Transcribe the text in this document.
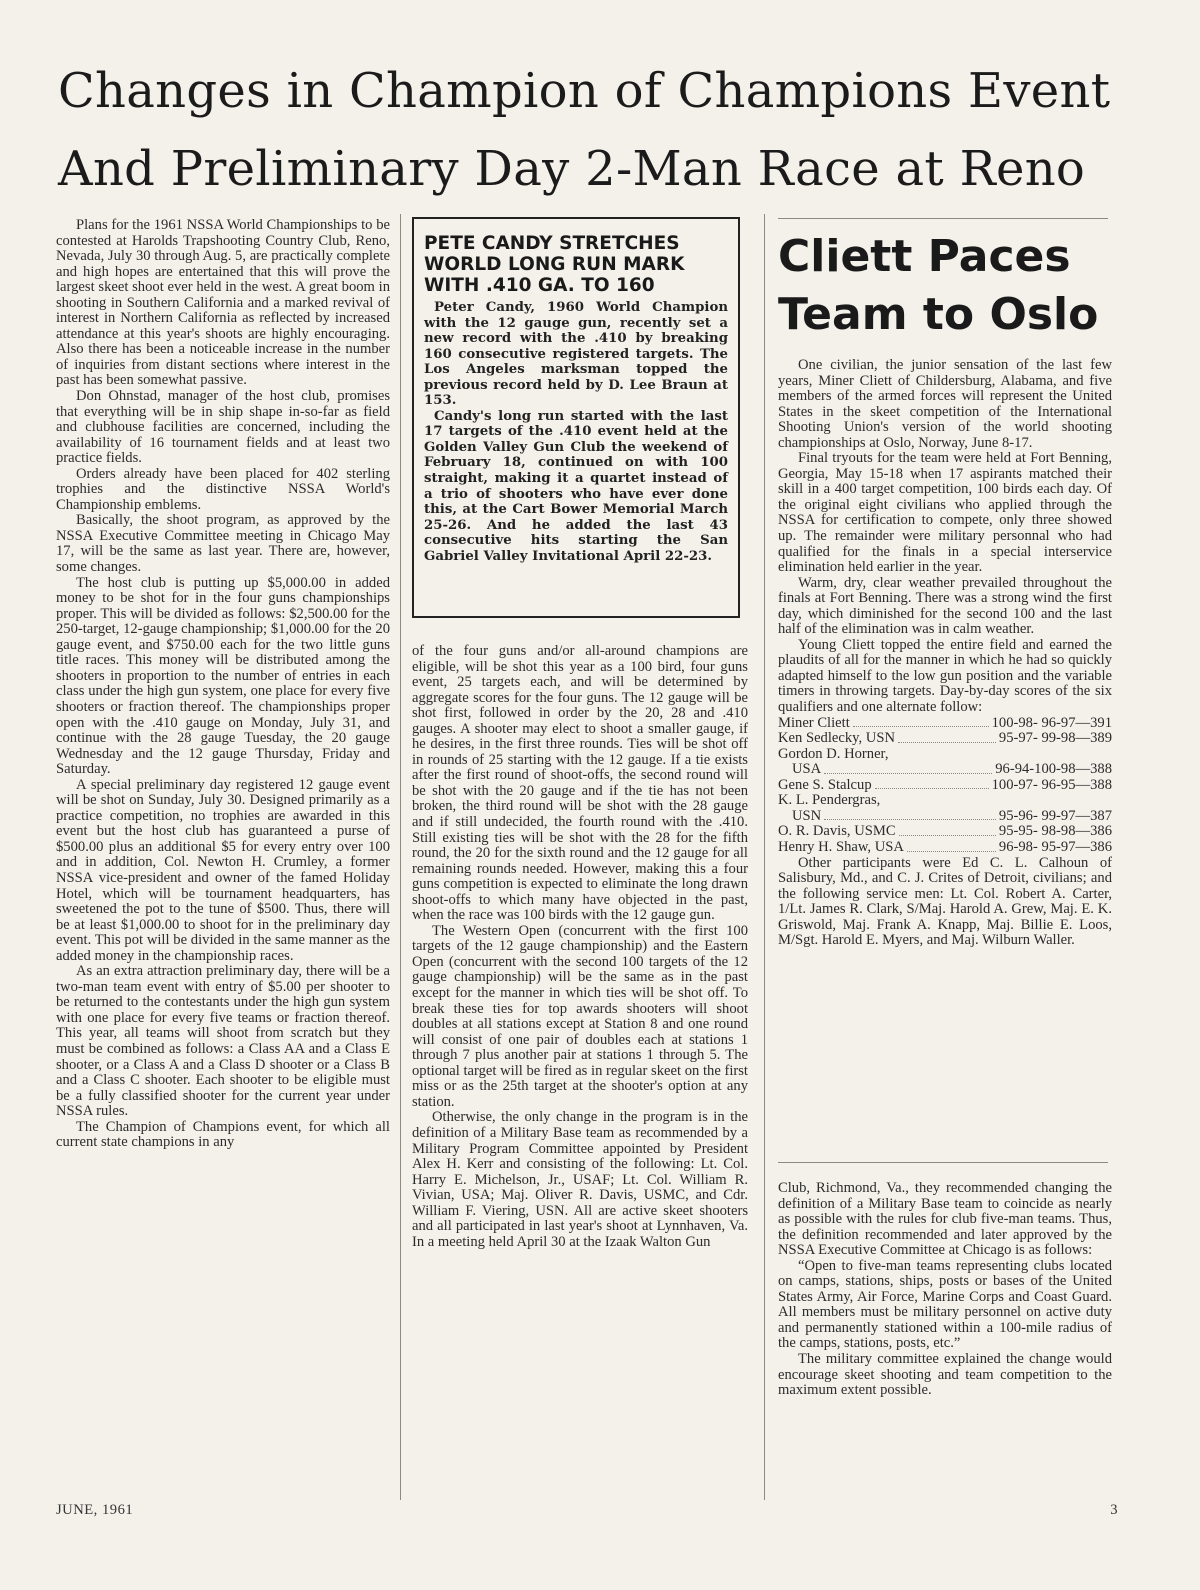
Changes in Champion of Champions Event
And Preliminary Day 2-Man Race at Reno

Plans for the 1961 NSSA World Championships to be contested at Harolds Trapshooting Country Club, Reno, Nevada, July 30 through Aug. 5, are practically complete and high hopes are entertained that this will prove the largest skeet shoot ever held in the west. A great boom in shooting in Southern California and a marked revival of interest in Northern California as reflected by increased attendance at this year's shoots are highly encouraging. Also there has been a noticeable increase in the number of inquiries from distant sections where interest in the past has been somewhat passive.

Don Ohnstad, manager of the host club, promises that everything will be in ship shape in-so-far as field and clubhouse facilities are concerned, including the availability of 16 tournament fields and at least two practice fields.

Orders already have been placed for 402 sterling trophies and the distinctive NSSA World's Championship emblems.

Basically, the shoot program, as approved by the NSSA Executive Committee meeting in Chicago May 17, will be the same as last year. There are, however, some changes.

The host club is putting up $5,000.00 in added money to be shot for in the four guns championships proper. This will be divided as follows: $2,500.00 for the 250-target, 12-gauge championship; $1,000.00 for the 20 gauge event, and $750.00 each for the two little guns title races. This money will be distributed among the shooters in proportion to the number of entries in each class under the high gun system, one place for every five shooters or fraction thereof. The championships proper open with the .410 gauge on Monday, July 31, and continue with the 28 gauge Tuesday, the 20 gauge Wednesday and the 12 gauge Thursday, Friday and Saturday.

A special preliminary day registered 12 gauge event will be shot on Sunday, July 30. Designed primarily as a practice competition, no trophies are awarded in this event but the host club has guaranteed a purse of $500.00 plus an additional $5 for every entry over 100 and in addition, Col. Newton H. Crumley, a former NSSA vice-president and owner of the famed Holiday Hotel, which will be tournament headquarters, has sweetened the pot to the tune of $500. Thus, there will be at least $1,000.00 to shoot for in the preliminary day event. This pot will be divided in the same manner as the added money in the championship races.

As an extra attraction preliminary day, there will be a two-man team event with entry of $5.00 per shooter to be returned to the contestants under the high gun system with one place for every five teams or fraction thereof. This year, all teams will shoot from scratch but they must be combined as follows: a Class AA and a Class E shooter, or a Class A and a Class D shooter or a Class B and a Class C shooter. Each shooter to be eligible must be a fully classified shooter for the current year under NSSA rules.

The Champion of Champions event, for which all current state champions in any

PETE CANDY STRETCHES
WORLD LONG RUN MARK
WITH .410 GA. TO 160

Peter Candy, 1960 World Champion with the 12 gauge gun, recently set a new record with the .410 by breaking 160 consecutive registered targets. The Los Angeles marksman topped the previous record held by D. Lee Braun at 153.

Candy's long run started with the last 17 targets of the .410 event held at the Golden Valley Gun Club the weekend of February 18, continued on with 100 straight, making it a quartet instead of a trio of shooters who have ever done this, at the Cart Bower Memorial March 25-26. And he added the last 43 consecutive hits starting the San Gabriel Valley Invitational April 22-23.

of the four guns and/or all-around champions are eligible, will be shot this year as a 100 bird, four guns event, 25 targets each, and will be determined by aggregate scores for the four guns. The 12 gauge will be shot first, followed in order by the 20, 28 and .410 gauges. A shooter may elect to shoot a smaller gauge, if he desires, in the first three rounds. Ties will be shot off in rounds of 25 starting with the 12 gauge. If a tie exists after the first round of shoot-offs, the second round will be shot with the 20 gauge and if the tie has not been broken, the third round will be shot with the 28 gauge and if still undecided, the fourth round with the .410. Still existing ties will be shot with the 28 for the fifth round, the 20 for the sixth round and the 12 gauge for all remaining rounds needed. However, making this a four guns competition is expected to eliminate the long drawn shoot-offs to which many have objected in the past, when the race was 100 birds with the 12 gauge gun.

The Western Open (concurrent with the first 100 targets of the 12 gauge championship) and the Eastern Open (concurrent with the second 100 targets of the 12 gauge championship) will be the same as in the past except for the manner in which ties will be shot off. To break these ties for top awards shooters will shoot doubles at all stations except at Station 8 and one round will consist of one pair of doubles each at stations 1 through 7 plus another pair at stations 1 through 5. The optional target will be fired as in regular skeet on the first miss or as the 25th target at the shooter's option at any station.

Otherwise, the only change in the program is in the definition of a Military Base team as recommended by a Military Program Committee appointed by President Alex H. Kerr and consisting of the following: Lt. Col. Harry E. Michelson, Jr., USAF; Lt. Col. William R. Vivian, USA; Maj. Oliver R. Davis, USMC, and Cdr. William F. Viering, USN. All are active skeet shooters and all participated in last year's shoot at Lynnhaven, Va. In a meeting held April 30 at the Izaak Walton Gun

Cliett Paces
Team to Oslo

One civilian, the junior sensation of the last few years, Miner Cliett of Childersburg, Alabama, and five members of the armed forces will represent the United States in the skeet competition of the International Shooting Union's version of the world shooting championships at Oslo, Norway, June 8-17.

Final tryouts for the team were held at Fort Benning, Georgia, May 15-18 when 17 aspirants matched their skill in a 400 target competition, 100 birds each day. Of the original eight civilians who applied through the NSSA for certification to compete, only three showed up. The remainder were military personnal who had qualified for the finals in a special interservice elimination held earlier in the year.

Warm, dry, clear weather prevailed throughout the finals at Fort Benning. There was a strong wind the first day, which diminished for the second 100 and the last half of the elimination was in calm weather.

Young Cliett topped the entire field and earned the plaudits of all for the manner in which he had so quickly adapted himself to the low gun position and the variable timers in throwing targets. Day-by-day scores of the six qualifiers and one alternate follow:

Miner Cliett	100-98- 96-97—391
Ken Sedlecky, USN	95-97- 99-98—389
Gordon D. Horner,
USA	96-94-100-98—388
Gene S. Stalcup	100-97- 96-95—388
K. L. Pendergras,
USN	95-96- 99-97—387
O. R. Davis, USMC	95-95- 98-98—386
Henry H. Shaw, USA	96-98- 95-97—386

Other participants were Ed C. L. Calhoun of Salisbury, Md., and C. J. Crites of Detroit, civilians; and the following service men: Lt. Col. Robert A. Carter, 1/Lt. James R. Clark, S/Maj. Harold A. Grew, Maj. E. K. Griswold, Maj. Frank A. Knapp, Maj. Billie E. Loos, M/Sgt. Harold E. Myers, and Maj. Wilburn Waller.

Club, Richmond, Va., they recommended changing the definition of a Military Base team to coincide as nearly as possible with the rules for club five-man teams. Thus, the definition recommended and later approved by the NSSA Executive Committee at Chicago is as follows:

“Open to five-man teams representing clubs located on camps, stations, ships, posts or bases of the United States Army, Air Force, Marine Corps and Coast Guard. All members must be military personnel on active duty and permanently stationed within a 100-mile radius of the camps, stations, posts, etc.”

The military committee explained the change would encourage skeet shooting and team competition to the maximum extent possible.

JUNE, 1961	3
